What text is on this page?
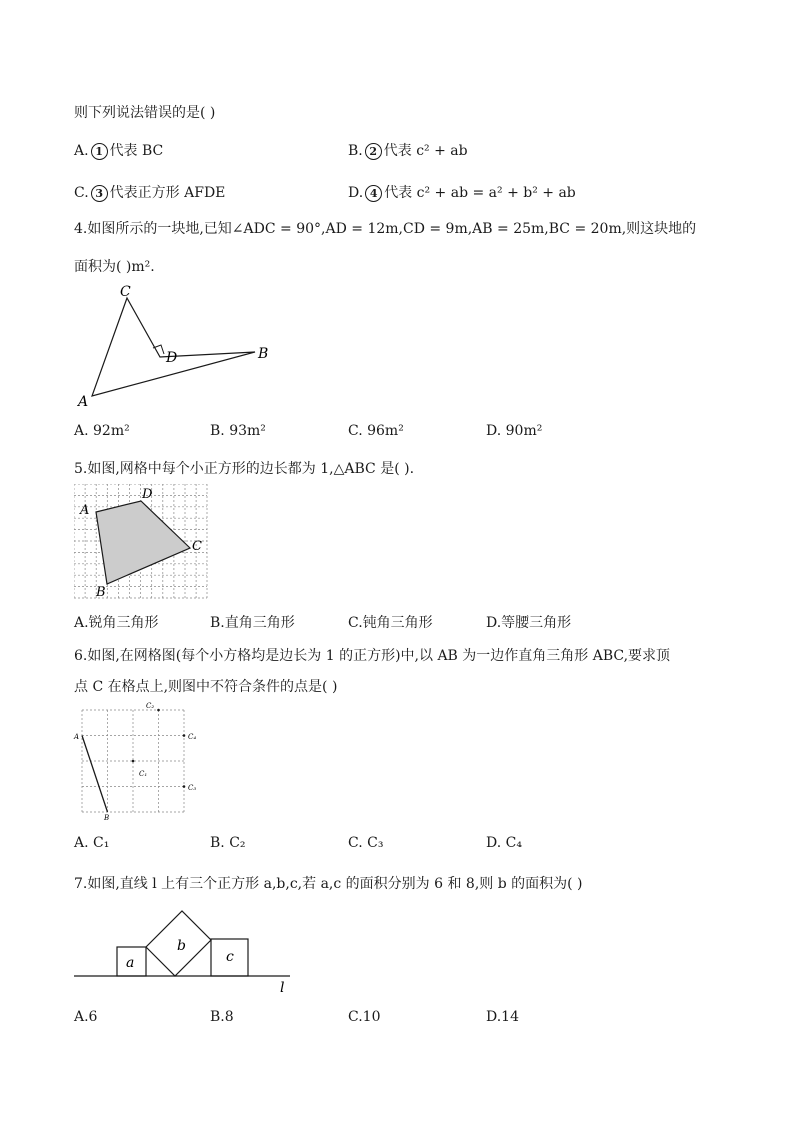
则下列说法错误的是( )
A. 1 代表 BC	B. 2 代表 c² + ab
C. 3 代表正方形 AFDE	D. 4 代表 c² + ab = a² + b² + ab
4.如图所示的一块地,已知∠ADC = 90°,AD = 12m,CD = 9m,AB = 25m,BC = 20m,则这块地的
面积为( )m².
C
D	B
A
A. 92m²	B. 93m²	C. 96m²	D. 90m²
5.如图,网格中每个小正方形的边长都为 1,△ABC 是( ).
A
D
C
B
A.锐角三角形	B.直角三角形	C.钝角三角形	D.等腰三角形
6.如图,在网格图(每个小方格均是边长为 1 的正方形)中,以 AB 为一边作直角三角形 ABC,要求顶
点 C 在格点上,则图中不符合条件的点是( )
A
B
C₁
C₂
C₃
C₄
A. C₁	B. C₂	C. C₃	D. C₄
7.如图,直线 l 上有三个正方形 a,b,c,若 a,c 的面积分别为 6 和 8,则 b 的面积为( )
a
b
c
l
A.6	B.8	C.10	D.14
